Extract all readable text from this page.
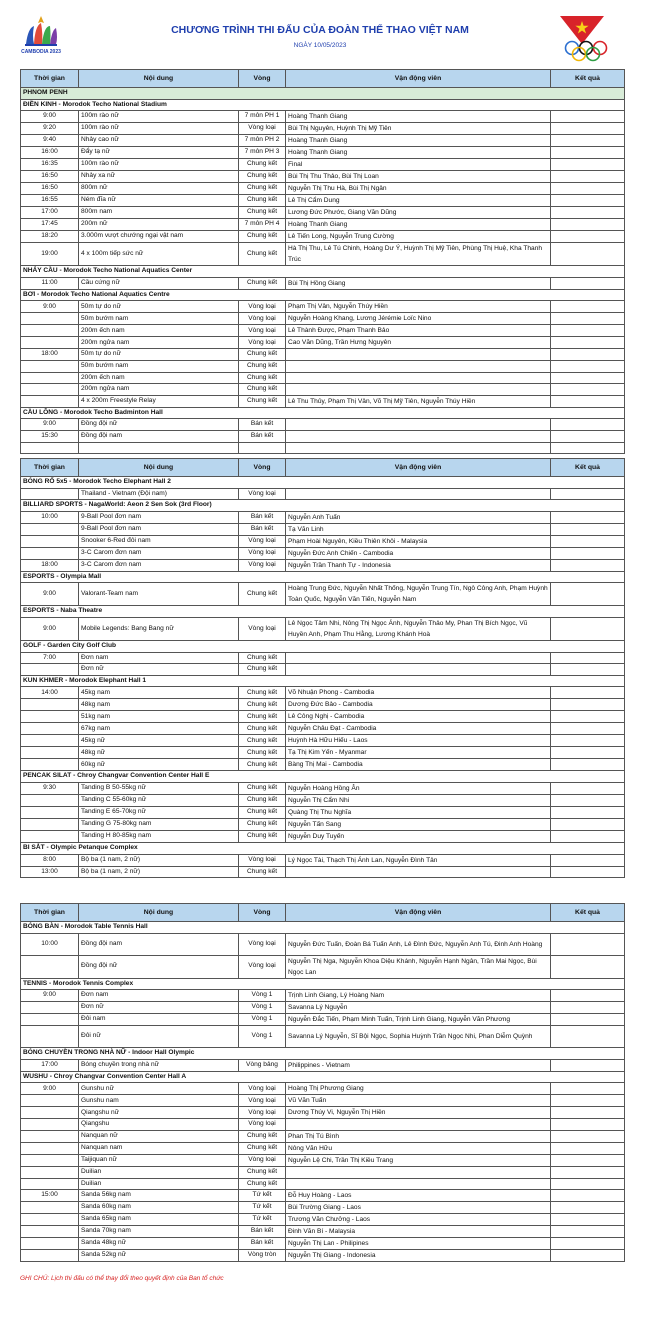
CAMBODIA 2023
CHƯƠNG TRÌNH THI ĐẤU CỦA ĐOÀN THỂ THAO VIỆT NAM
NGÀY 10/05/2023
Thời gian	Nội dung	Vòng	Vận động viên	Kết quả
PHNOM PENH				
ĐIỀN KINH - Morodok Techo National Stadium				
9:00	100m rào nữ	7 môn PH 1	Hoàng Thanh Giang	
9:20	100m rào nữ	Vòng loại	Bùi Thị Nguyên, Huỳnh Thị Mỹ Tiên	
9:40	Nhảy cao nữ	7 môn PH 2	Hoàng Thanh Giang	
16:00	Đẩy tạ nữ	7 môn PH 3	Hoàng Thanh Giang	
16:35	100m rào nữ	Chung kết	Final	
16:50	Nhảy xa nữ	Chung kết	Bùi Thị Thu Thảo, Bùi Thị Loan	
16:50	800m nữ	Chung kết	Nguyễn Thị Thu Hà, Bùi Thị Ngân	
16:55	Ném đĩa nữ	Chung kết	Lê Thị Cẩm Dung	
17:00	800m nam	Chung kết	Lương Đức Phước, Giang Văn Dũng	
17:45	200m nữ	7 môn PH 4	Hoàng Thanh Giang	
18:20	3.000m vượt chướng ngại vật nam	Chung kết	Lê Tiến Long, Nguyễn Trung Cường	
19:00	4 x 100m tiếp sức nữ	Chung kết	Hà Thị Thu, Lê Tú Chinh, Hoàng Dư Ý, Huỳnh Thị Mỹ Tiên, Phùng Thị Huệ, Kha Thanh Trúc	
NHẢY CẦU - Morodok Techo National Aquatics Center				
11:00	Cầu cứng nữ	Chung kết	Bùi Thị Hồng Giang	
BƠI - Morodok Techo National Aquatics Centre				
9:00	50m tự do nữ	Vòng loại	Phạm Thị Vân, Nguyễn Thúy Hiền	
	50m bướm nam	Vòng loại	Nguyễn Hoàng Khang, Lương Jérémie Loïc Nino	
	200m ếch nam	Vòng loại	Lê Thành Được, Phạm Thanh Bảo	
	200m ngửa nam	Vòng loại	Cao Văn Dũng, Trần Hưng Nguyên	
18:00	50m tự do nữ	Chung kết		
	50m bướm nam	Chung kết		
	200m ếch nam	Chung kết		
	200m ngửa nam	Chung kết		
	4 x 200m Freestyle Relay	Chung kết	Lê Thu Thủy, Phạm Thị Vân, Võ Thị Mỹ Tiên, Nguyễn Thúy Hiền	
CẦU LÔNG - Morodok Techo Badminton Hall				
9:00	Đồng đội nữ	Bán kết		
15:30	Đồng đội nam	Bán kết		

Thời gian	Nội dung	Vòng	Vận động viên	Kết quả
BÓNG RỔ 5x5 - Morodok Techo Elephant Hall 2				
	Thailand - Vietnam (Đội nam)	Vòng loại		
BILLIARD SPORTS - NagaWorld: Aeon 2 Sen Sok (3rd Floor)				
10:00	9-Ball Pool đơn nam	Bán kết	Nguyễn Anh Tuấn	
	9-Ball Pool đơn nam	Bán kết	Tạ Văn Linh	
	Snooker 6-Red đôi nam	Vòng loại	Phạm Hoài Nguyên, Kiều Thiên Khôi - Malaysia	
	3-C Carom đơn nam	Vòng loại	Nguyễn Đức Anh Chiến - Cambodia	
18:00	3-C Carom đơn nam	Vòng loại	Nguyễn Trần Thanh Tự - Indonesia	
ESPORTS - Olympia Mall				
9:00	Valorant-Team nam	Chung kết	Hoàng Trung Đức, Nguyễn Nhất Thống, Nguyễn Trung Tín, Ngô Công Anh, Phạm Huỳnh Toàn Quốc, Nguyễn Văn Tiến, Nguyễn Nam	
ESPORTS - Naba Theatre				
9:00	Mobile Legends: Bang Bang nữ	Vòng loại	Lê Ngọc Tâm Nhi, Nông Thị Ngọc Ánh, Nguyễn Thảo My, Phan Thị Bích Ngọc, Vũ Huyền Anh, Phạm Thu Hằng, Lương Khánh Hoà	
GOLF - Garden City Golf Club				
7:00	Đơn nam	Chung kết		
	Đơn nữ	Chung kết		
KUN KHMER - Morodok Elephant Hall 1				
14:00	45kg nam	Chung kết	Võ Nhuận Phong - Cambodia	
	48kg nam	Chung kết	Dương Đức Bảo - Cambodia	
	51kg nam	Chung kết	Lê Công Nghị - Cambodia	
	67kg nam	Chung kết	Nguyễn Châu Đạt - Cambodia	
	45kg nữ	Chung kết	Huỳnh Hà Hữu Hiếu - Laos	
	48kg nữ	Chung kết	Tạ Thị Kim Yến - Myanmar	
	60kg nữ	Chung kết	Bàng Thị Mai - Cambodia	
PENCAK SILAT - Chroy Changvar Convention Center Hall E				
9:30	Tanding B 50-55kg nữ	Chung kết	Nguyễn Hoàng Hồng Ân	
	Tanding C 55-60kg nữ	Chung kết	Nguyễn Thị Cẩm Nhi	
	Tanding E 65-70kg nữ	Chung kết	Quàng Thị Thu Nghĩa	
	Tanding G 75-80kg nam	Chung kết	Nguyễn Tấn Sang	
	Tanding H 80-85kg nam	Chung kết	Nguyễn Duy Tuyến	
BI SẮT - Olympic Petanque Complex				
8:00	Bộ ba (1 nam, 2 nữ)	Vòng loại	Lý Ngọc Tài, Thạch Thị Ánh Lan, Nguyễn Đình Tân	
13:00	Bộ ba (1 nam, 2 nữ)	Chung kết		
Thời gian	Nội dung	Vòng	Vận động viên	Kết quả
BÓNG BÀN - Morodok Table Tennis Hall				
10:00	Đồng đội nam	Vòng loại	Nguyễn Đức Tuấn, Đoàn Bá Tuấn Anh, Lê Đình Đức, Nguyễn Anh Tú, Đinh Anh Hoàng	
	Đồng đội nữ	Vòng loại	Nguyễn Thị Nga, Nguyễn Khoa Diệu Khánh, Nguyễn Hạnh Ngân, Trần Mai Ngọc, Bùi Ngọc Lan	
TENNIS - Morodok Tennis Complex				
9:00	Đơn nam	Vòng 1	Trịnh Linh Giang, Lý Hoàng Nam	
	Đơn nữ	Vòng 1	Savanna Lý Nguyễn	
	Đôi nam	Vòng 1	Nguyễn Đắc Tiến, Phạm Minh Tuấn, Trịnh Linh Giang, Nguyễn Văn Phương	
	Đôi nữ	Vòng 1	Savanna Lý Nguyễn, Sĩ Bội Ngọc, Sophia Huỳnh Trần Ngọc Nhi, Phan Diễm Quỳnh	
BÓNG CHUYỀN TRONG NHÀ NỮ - Indoor Hall Olympic				
17:00	Bóng chuyền trong nhà nữ	Vòng bảng	Philippines - Vietnam	
WUSHU - Chroy Changvar Convention Center Hall A				
9:00	Gunshu nữ	Vòng loại	Hoàng Thị Phương Giang	
	Gunshu nam	Vòng loại	Vũ Văn Tuấn	
	Qiangshu nữ	Vòng loại	Dương Thúy Vi, Nguyễn Thị Hiền	
	Qiangshu	Vòng loại		
	Nanquan nữ	Chung kết	Phan Thị Tú Bình	
	Nanquan nam	Chung kết	Nông Văn Hữu	
	Taijiquan nữ	Vòng loại	Nguyễn Lệ Chi, Trần Thị Kiều Trang	
	Duilian	Chung kết		
	Duilian	Chung kết		
15:00	Sanda 56kg nam	Tứ kết	Đỗ Huy Hoàng - Laos	
	Sanda 60kg nam	Tứ kết	Bùi Trường Giang - Laos	
	Sanda 65kg nam	Tứ kết	Trương Văn Chưởng - Laos	
	Sanda 70kg nam	Bán kết	Đinh Văn Bí - Malaysia	
	Sanda 48kg nữ	Bán kết	Nguyễn Thị Lan - Philipines	
	Sanda 52kg nữ	Vòng tròn	Nguyễn Thị Giang - Indonesia	
GHI CHÚ: Lịch thi đấu có thể thay đổi theo quyết định của Ban tổ chức
